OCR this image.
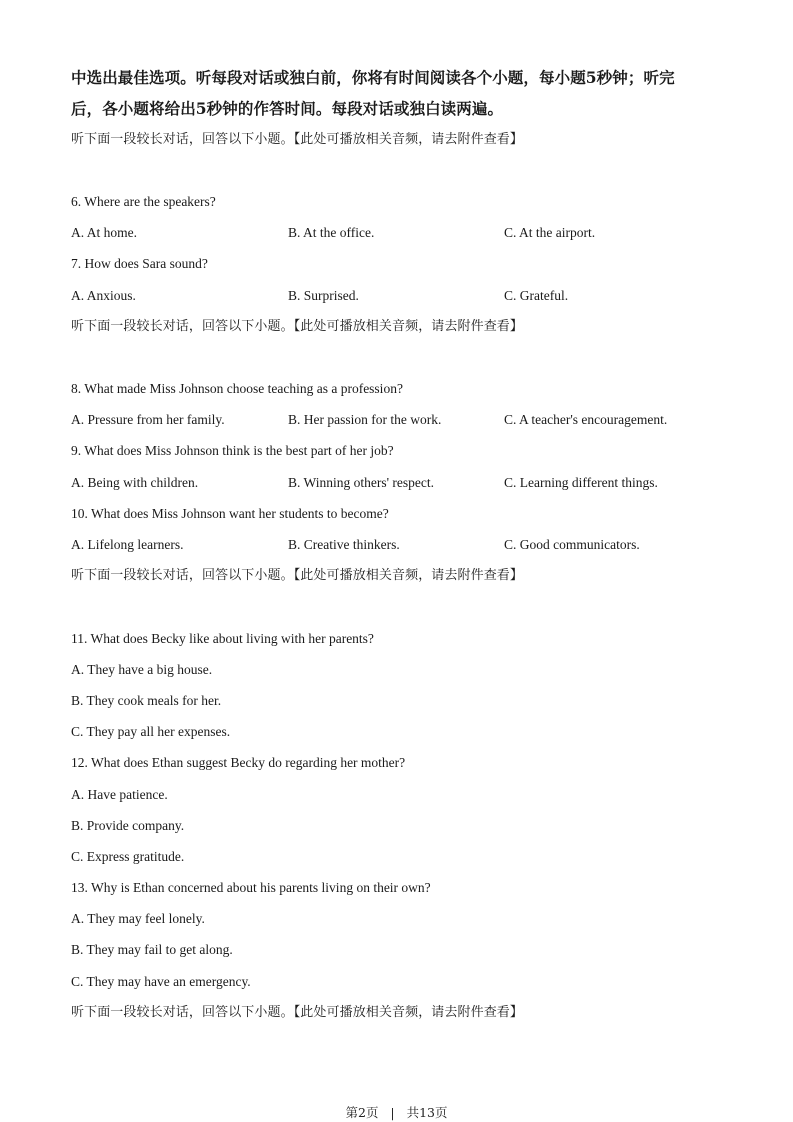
中选出最佳选项。听每段对话或独白前，你将有时间阅读各个小题，每小题5秒钟；听完
后，各小题将给出5秒钟的作答时间。每段对话或独白读两遍。
听下面一段较长对话，回答以下小题。【此处可播放相关音频，请去附件查看】
6. Where are the speakers?
A. At home.	B. At the office.	C. At the airport.
7. How does Sara sound?
A. Anxious.	B. Surprised.	C. Grateful.
听下面一段较长对话，回答以下小题。【此处可播放相关音频，请去附件查看】
8. What made Miss Johnson choose teaching as a profession?
A. Pressure from her family.	B. Her passion for the work.	C. A teacher's encouragement.
9. What does Miss Johnson think is the best part of her job?
A. Being with children.	B. Winning others' respect.	C. Learning different things.
10. What does Miss Johnson want her students to become?
A. Lifelong learners.	B. Creative thinkers.	C. Good communicators.
听下面一段较长对话，回答以下小题。【此处可播放相关音频，请去附件查看】
11. What does Becky like about living with her parents?
A. They have a big house.
B. They cook meals for her.
C. They pay all her expenses.
12. What does Ethan suggest Becky do regarding her mother?
A. Have patience.
B. Provide company.
C. Express gratitude.
13. Why is Ethan concerned about his parents living on their own?
A. They may feel lonely.
B. They may fail to get along.
C. They may have an emergency.
听下面一段较长对话，回答以下小题。【此处可播放相关音频，请去附件查看】
第2页 | 共13页
